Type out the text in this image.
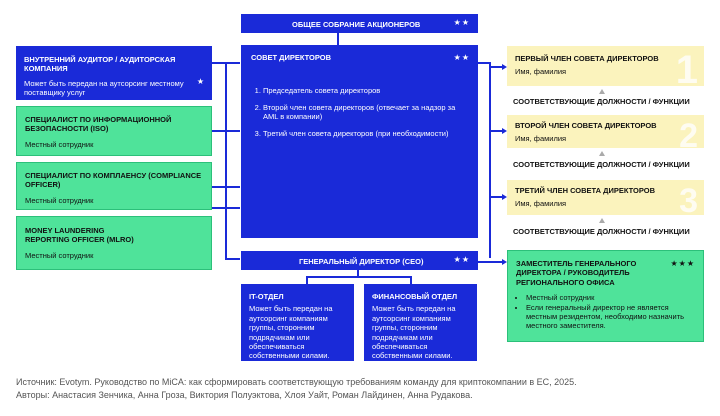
ОБЩЕЕ СОБРАНИЕ АКЦИОНЕРОВ	★★
СОВЕТ ДИРЕКТОРОВ	★★
1. Председатель совета директоров
2. Второй член совета директоров (отвечает за надзор за AML в компании)
3. Третий член совета директоров (при необходимости)
ВНУТРЕННИЙ АУДИТОР / АУДИТОРСКАЯ КОМПАНИЯ
Может быть передан на аутсорсинг местному поставщику услуг
★
СПЕЦИАЛИСТ ПО ИНФОРМАЦИОННОЙ БЕЗОПАСНОСТИ (ISO)
Местный сотрудник
СПЕЦИАЛИСТ ПО КОМПЛАЕНСУ (COMPLIANCE OFFICER)
Местный сотрудник
MONEY LAUNDERING REPORTING OFFICER (MLRO)
Местный сотрудник
1
ПЕРВЫЙ ЧЛЕН СОВЕТА ДИРЕКТОРОВ
Имя, фамилия
СООТВЕТСТВУЮЩИЕ ДОЛЖНОСТИ / ФУНКЦИИ
2
ВТОРОЙ ЧЛЕН СОВЕТА ДИРЕКТОРОВ
Имя, фамилия
СООТВЕТСТВУЮЩИЕ ДОЛЖНОСТИ / ФУНКЦИИ
3
ТРЕТИЙ ЧЛЕН СОВЕТА ДИРЕКТОРОВ
Имя, фамилия
СООТВЕТСТВУЮЩИЕ ДОЛЖНОСТИ / ФУНКЦИИ
ГЕНЕРАЛЬНЫЙ ДИРЕКТОР (CEO)	★★	★★★
ЗАМЕСТИТЕЛЬ ГЕНЕРАЛЬНОГО ДИРЕКТОРА / РУКОВОДИТЕЛЬ РЕГИОНАЛЬНОГО ОФИСА
• Местный сотрудник
• Если генеральный директор не является местным резидентом, необходимо назначить местного заместителя.
IT-ОТДЕЛ
Может быть передан на аутсорсинг компаниям группы, сторонним подрядчикам или обеспечиваться собственными силами.
ФИНАНСОВЫЙ ОТДЕЛ
Может быть передан на аутсорсинг компаниям группы, сторонним подрядчикам или обеспечиваться собственными силами.
Источник: Evotym. Руководство по MiCA: как сформировать соответствующую требованиям команду для криптокомпании в ЕС, 2025.
Авторы: Анастасия Зенчика, Анна Гроза, Виктория Полуэктова, Хлоя Уайт, Роман Лайдинен, Анна Рудакова.
